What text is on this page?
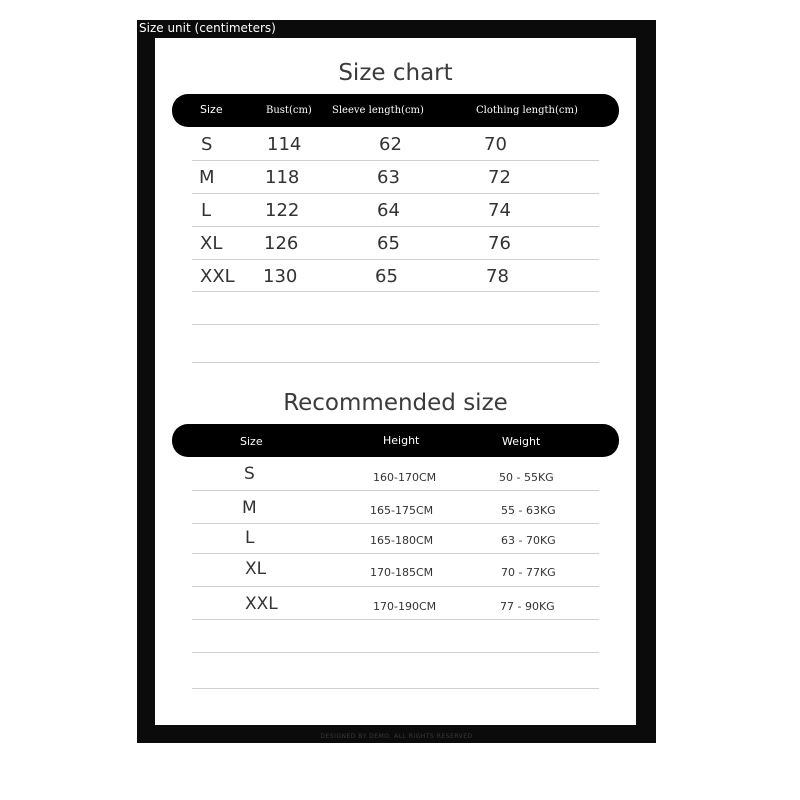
Size unit (centimeters)
Size chart
Size	Bust(cm) Sleeve length(cm)	Clothing length(cm)
S	114	62	70
M	118	63	72
L	122	64	74
XL 126	65	76
XXL 130	65	78
Recommended size
Size	Height	Weight
S	160-170CM	50 - 55KG
M	165-175CM	55 - 63KG
L	165-180CM	63 - 70KG
XL	170-185CM	70 - 77KG
XXL	170-190CM	77 - 90KG
DESIGNED BY DEMO. ALL RIGHTS RESERVED
